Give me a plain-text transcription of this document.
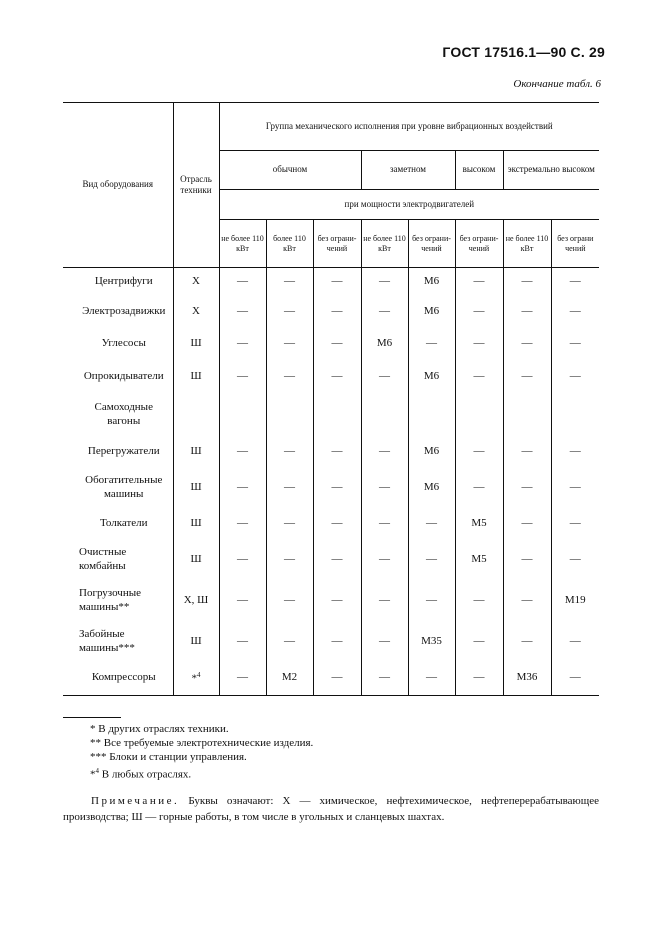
ГОСТ 17516.1—90 С. 29
Окончание табл. 6
Вид оборудования	Отрасль техники	Группа механического исполнения при уровне вибрационных воздействий							
		обычном			заметном		высоком	экстремально высоком	
		при мощности электродвигателей							
		не более 110 кВт	более 110 кВт	без ограни-чений	не более 110 кВт	без ограни-чений	без ограни-чений	не более 110 кВт	без ограни чений
Центрифуги	Х	—	—	—	—	М6	—	—	—
Электрозадвижки	Х	—	—	—	—	М6	—	—	—
Углесосы	Ш	—	—	—	М6	—	—	—	—
Опрокидыватели	Ш	—	—	—	—	М6	—	—	—
Самоходные вагоны									
Перегружатели	Ш	—	—	—	—	М6	—	—	—
Обогатительные машины	Ш	—	—	—	—	М6	—	—	—
Толкатели	Ш	—	—	—	—	—	М5	—	—
Очистные комбайны	Ш	—	—	—	—	—	М5	—	—
Погрузочные машины**	Х, Ш	—	—	—	—	—	—	—	М19
Забойные машины***	Ш	—	—	—	—	М35	—	—	—
Компрессоры	*$^4$	—	М2	—	—	—	—	М36	—
* В других отраслях техники.
** Все требуемые электротехнические изделия.
*** Блоки и станции управления.
*$^4$ В любых отраслях.
Примечание. Буквы означают: Х — химическое, нефтехимическое, нефтеперерабатывающее производства; Ш — горные работы, в том числе в угольных и сланцевых шахтах.
